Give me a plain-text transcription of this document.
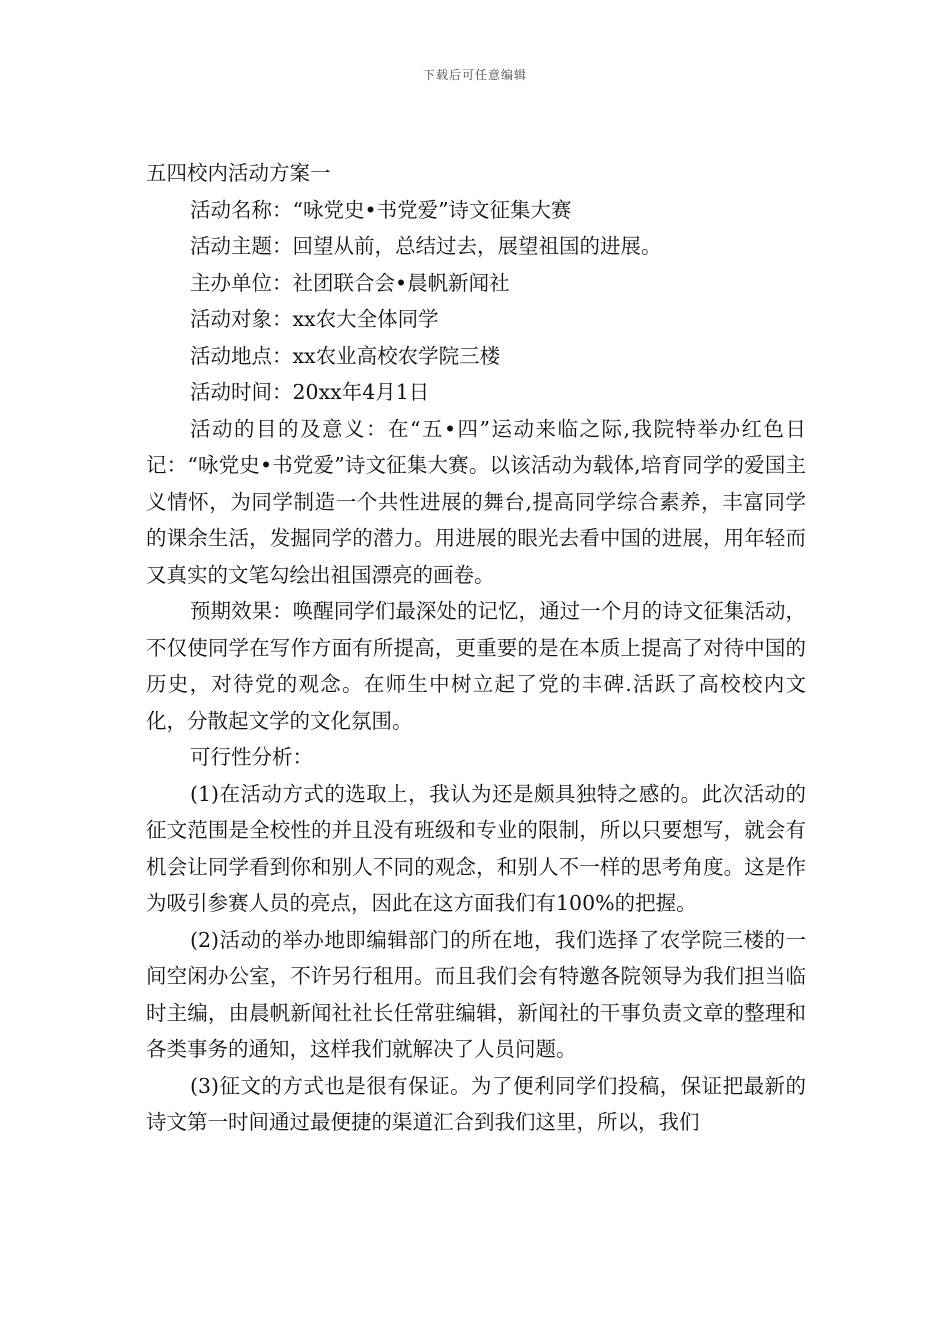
下载后可任意编辑
五四校内活动方案一

活动名称：“咏党史•书党爱”诗文征集大赛

活动主题：回望从前，总结过去，展望祖国的进展。

主办单位：社团联合会•晨帆新闻社

活动对象：xx农大全体同学

活动地点：xx农业高校农学院三楼

活动时间：20xx年4月1日

活动的目的及意义：在“五•四”运动来临之际,我院特举办红色日记：“咏党史•书党爱”诗文征集大赛。以该活动为载体,培育同学的爱国主义情怀，为同学制造一个共性进展的舞台,提高同学综合素养，丰富同学的课余生活，发掘同学的潜力。用进展的眼光去看中国的进展，用年轻而又真实的文笔勾绘出祖国漂亮的画卷。

预期效果：唤醒同学们最深处的记忆，通过一个月的诗文征集活动，不仅使同学在写作方面有所提高，更重要的是在本质上提高了对待中国的历史，对待党的观念。在师生中树立起了党的丰碑.活跃了高校校内文化，分散起文学的文化氛围。

可行性分析：

(1)在活动方式的选取上，我认为还是颇具独特之感的。此次活动的征文范围是全校性的并且没有班级和专业的限制，所以只要想写，就会有机会让同学看到你和别人不同的观念，和别人不一样的思考角度。这是作为吸引参赛人员的亮点，因此在这方面我们有100%的把握。

(2)活动的举办地即编辑部门的所在地，我们选择了农学院三楼的一间空闲办公室，不许另行租用。而且我们会有特邀各院领导为我们担当临时主编，由晨帆新闻社社长任常驻编辑，新闻社的干事负责文章的整理和各类事务的通知，这样我们就解决了人员问题。

(3)征文的方式也是很有保证。为了便利同学们投稿，保证把最新的诗文第一时间通过最便捷的渠道汇合到我们这里，所以，我们
